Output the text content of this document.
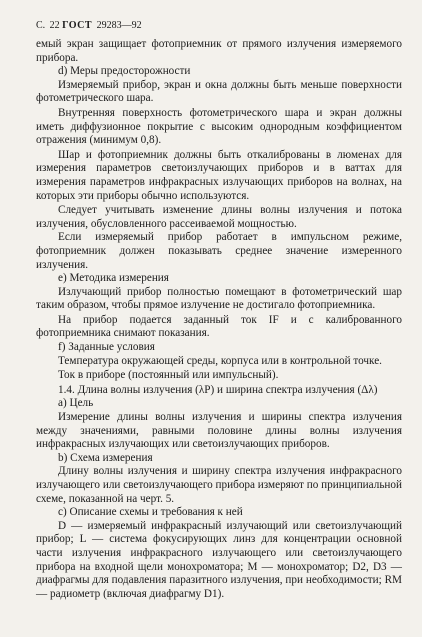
С. 22 ГОСТ 29283—92

емый экран защищает фотоприемник от прямого излучения измеряемого прибора.

d) Меры предосторожности

Измеряемый прибор, экран и окна должны быть меньше поверхности фотометрического шара.

Внутренняя поверхность фотометрического шара и экран должны иметь диффузионное покрытие с высоким однородным коэффициентом отражения (минимум 0,8).

Шар и фотоприемник должны быть откалиброваны в люменах для измерения параметров светоизлучающих приборов и в ваттах для измерения параметров инфракрасных излучающих приборов на волнах, на которых эти приборы обычно используются.

Следует учитывать изменение длины волны излучения и потока излучения, обусловленного рассеиваемой мощностью.

Если измеряемый прибор работает в импульсном режиме, фотоприемник должен показывать среднее значение измеренного излучения.

е) Методика измерения

Излучающий прибор полностью помещают в фотометрический шар таким образом, чтобы прямое излучение не достигало фотоприемника.

На прибор подается заданный ток IF и с калиброванного фотоприемника снимают показания.

f) Заданные условия

Температура окружающей среды, корпуса или в контрольной точке.

Ток в приборе (постоянный или импульсный).

1.4. Длина волны излучения (λP) и ширина спектра излучения (Δλ)

а) Цель

Измерение длины волны излучения и ширины спектра излучения между значениями, равными половине длины волны излучения инфракрасных излучающих или светоизлучающих приборов.

b) Схема измерения

Длину волны излучения и ширину спектра излучения инфракрасного излучающего или светоизлучающего прибора измеряют по принципиальной схеме, показанной на черт. 5.

с) Описание схемы и требования к ней

D — измеряемый инфракрасный излучающий или светоизлучающий прибор; L — система фокусирующих линз для концентрации основной части излучения инфракрасного излучающего или светоизлучающего прибора на входной щели монохроматора; M — монохроматор; D2, D3 — диафрагмы для подавления паразитного излучения, при необходимости; RM — радиометр (включая диафрагму D1).
